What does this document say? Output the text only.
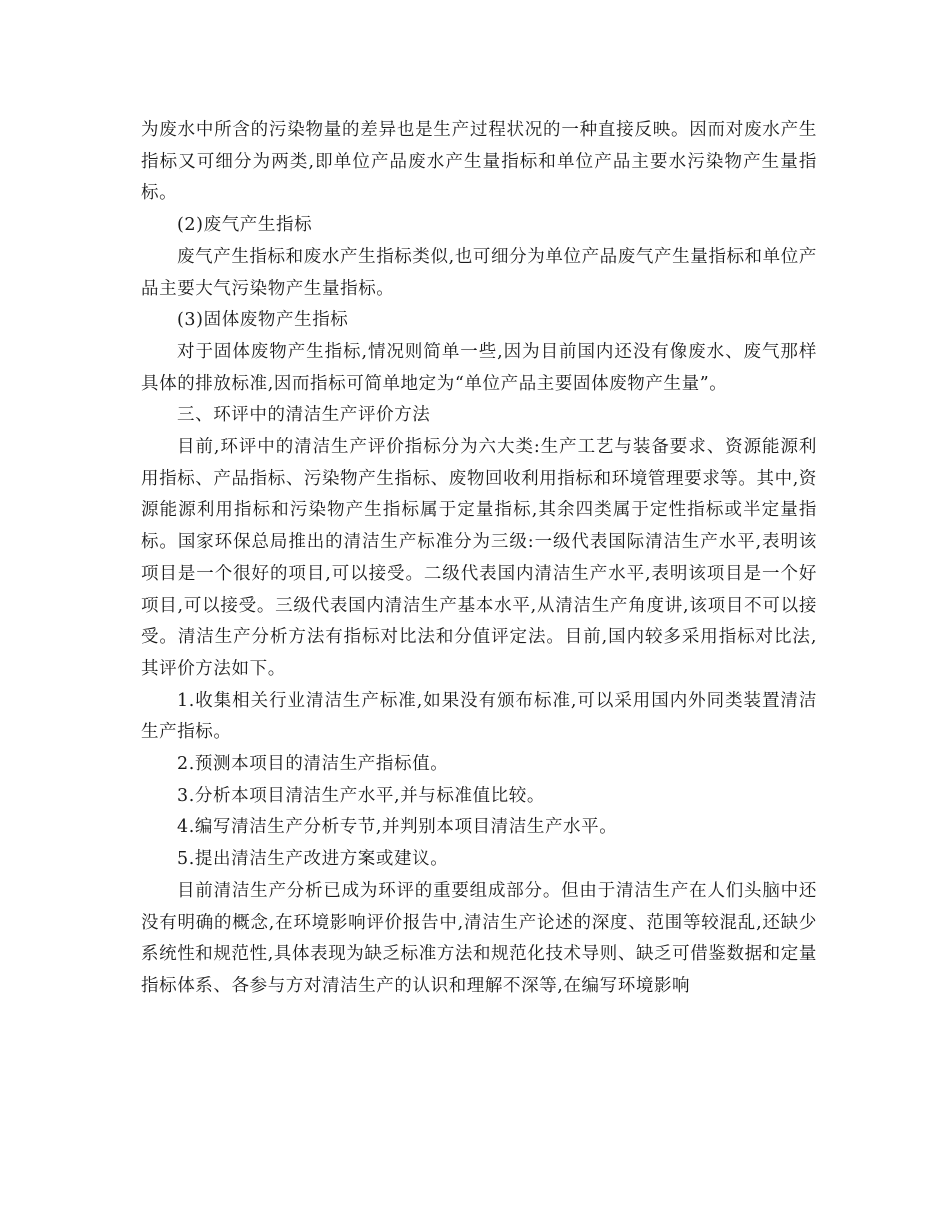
为废水中所含的污染物量的差异也是生产过程状况的一种直接反映。因而对废水产生指标又可细分为两类,即单位产品废水产生量指标和单位产品主要水污染物产生量指标。

(2)废气产生指标

废气产生指标和废水产生指标类似,也可细分为单位产品废气产生量指标和单位产品主要大气污染物产生量指标。

(3)固体废物产生指标

对于固体废物产生指标,情况则简单一些,因为目前国内还没有像废水、废气那样具体的排放标准,因而指标可简单地定为“单位产品主要固体废物产生量”。

三、环评中的清洁生产评价方法

目前,环评中的清洁生产评价指标分为六大类:生产工艺与装备要求、资源能源利用指标、产品指标、污染物产生指标、废物回收利用指标和环境管理要求等。其中,资源能源利用指标和污染物产生指标属于定量指标,其余四类属于定性指标或半定量指标。国家环保总局推出的清洁生产标准分为三级:一级代表国际清洁生产水平,表明该项目是一个很好的项目,可以接受。二级代表国内清洁生产水平,表明该项目是一个好项目,可以接受。三级代表国内清洁生产基本水平,从清洁生产角度讲,该项目不可以接受。清洁生产分析方法有指标对比法和分值评定法。目前,国内较多采用指标对比法,其评价方法如下。

1.收集相关行业清洁生产标准,如果没有颁布标准,可以采用国内外同类装置清洁生产指标。

2.预测本项目的清洁生产指标值。

3.分析本项目清洁生产水平,并与标准值比较。

4.编写清洁生产分析专节,并判别本项目清洁生产水平。

5.提出清洁生产改进方案或建议。

目前清洁生产分析已成为环评的重要组成部分。但由于清洁生产在人们头脑中还没有明确的概念,在环境影响评价报告中,清洁生产论述的深度、范围等较混乱,还缺少系统性和规范性,具体表现为缺乏标准方法和规范化技术导则、缺乏可借鉴数据和定量指标体系、各参与方对清洁生产的认识和理解不深等,在编写环境影响
